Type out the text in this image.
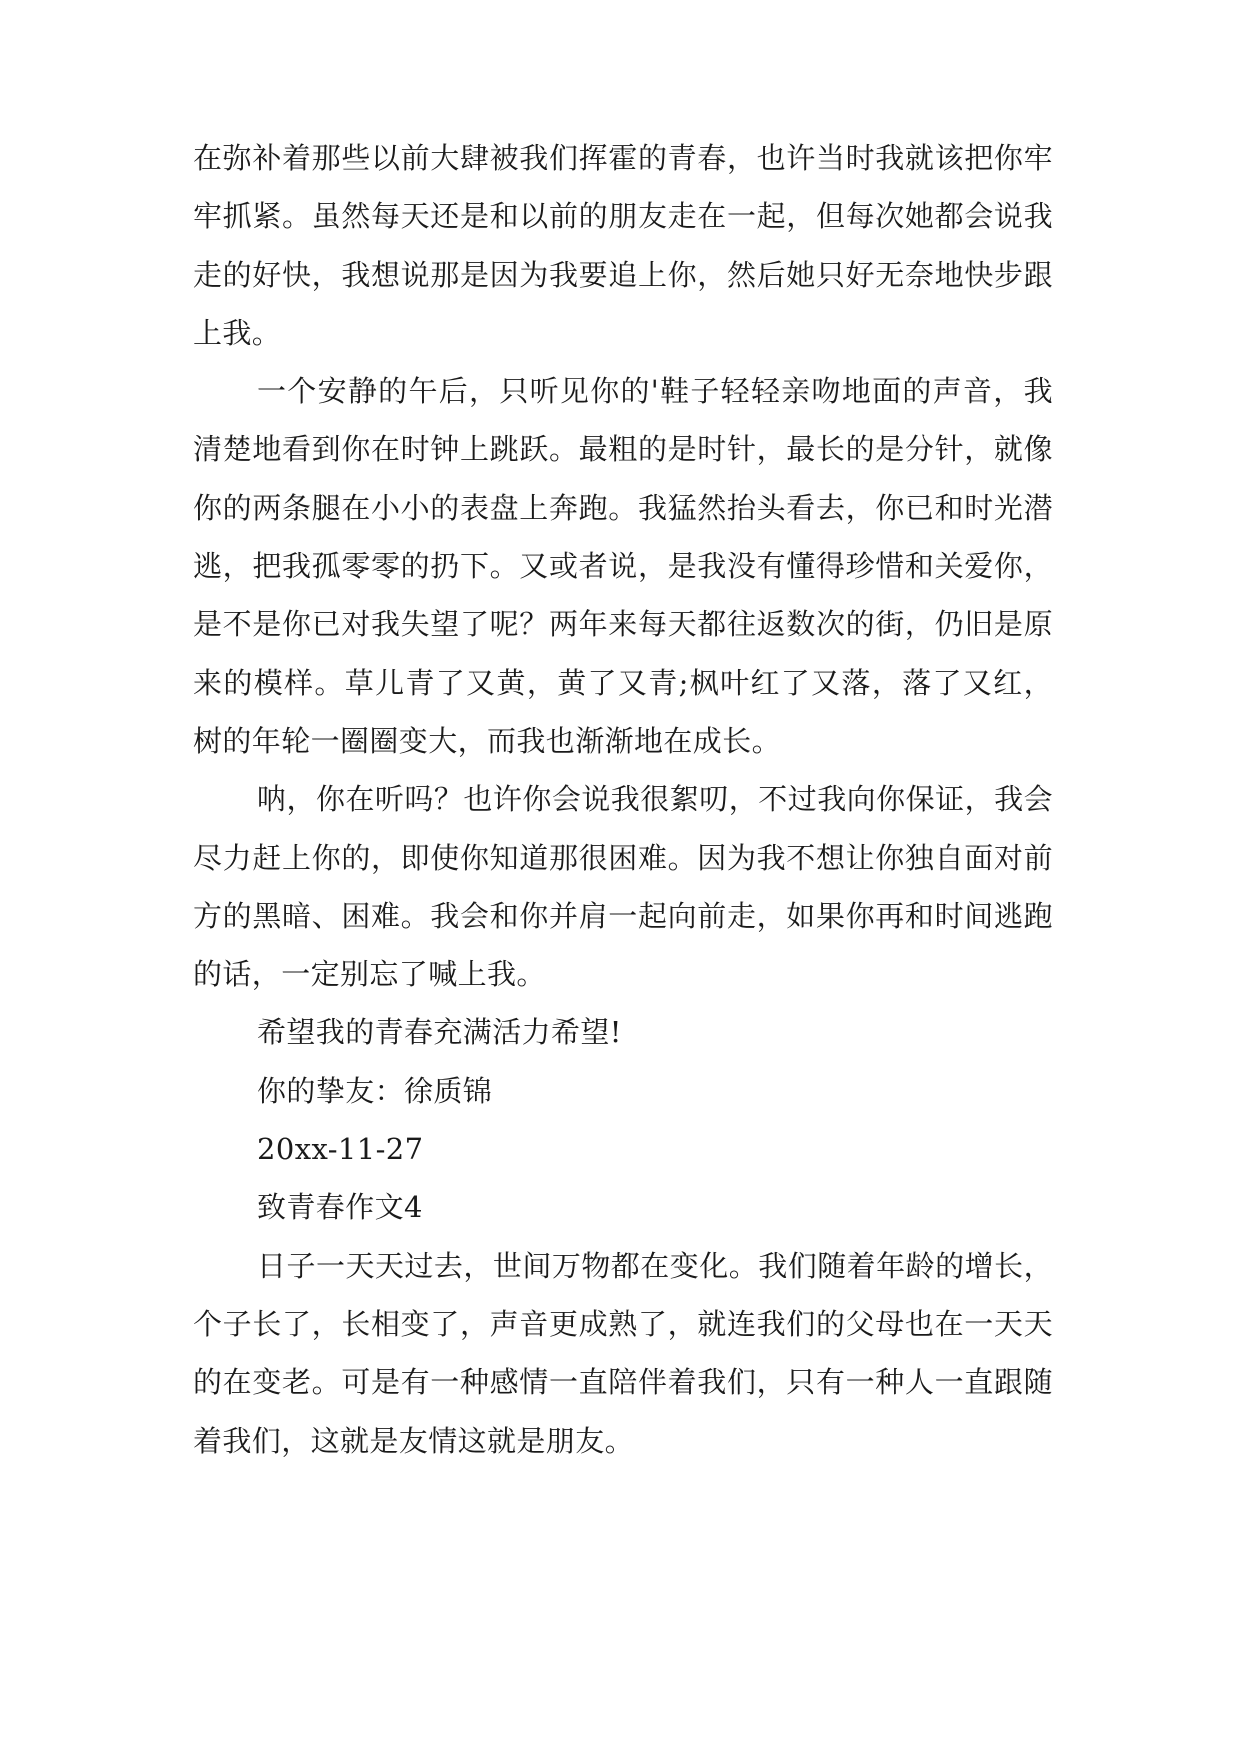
在弥补着那些以前大肆被我们挥霍的青春，也许当时我就该把你牢牢抓紧。虽然每天还是和以前的朋友走在一起，但每次她都会说我走的好快，我想说那是因为我要追上你，然后她只好无奈地快步跟上我。

一个安静的午后，只听见你的'鞋子轻轻亲吻地面的声音，我清楚地看到你在时钟上跳跃。最粗的是时针，最长的是分针，就像你的两条腿在小小的表盘上奔跑。我猛然抬头看去，你已和时光潜逃，把我孤零零的扔下。又或者说，是我没有懂得珍惜和关爱你，是不是你已对我失望了呢？两年来每天都往返数次的街，仍旧是原来的模样。草儿青了又黄，黄了又青;枫叶红了又落，落了又红，树的年轮一圈圈变大，而我也渐渐地在成长。

呐，你在听吗？也许你会说我很絮叨，不过我向你保证，我会尽力赶上你的，即使你知道那很困难。因为我不想让你独自面对前方的黑暗、困难。我会和你并肩一起向前走，如果你再和时间逃跑的话，一定别忘了喊上我。

希望我的青春充满活力希望!

你的挚友：徐质锦

20xx-11-27

致青春作文4

日子一天天过去，世间万物都在变化。我们随着年龄的增长，个子长了，长相变了，声音更成熟了，就连我们的父母也在一天天的在变老。可是有一种感情一直陪伴着我们，只有一种人一直跟随着我们，这就是友情这就是朋友。
